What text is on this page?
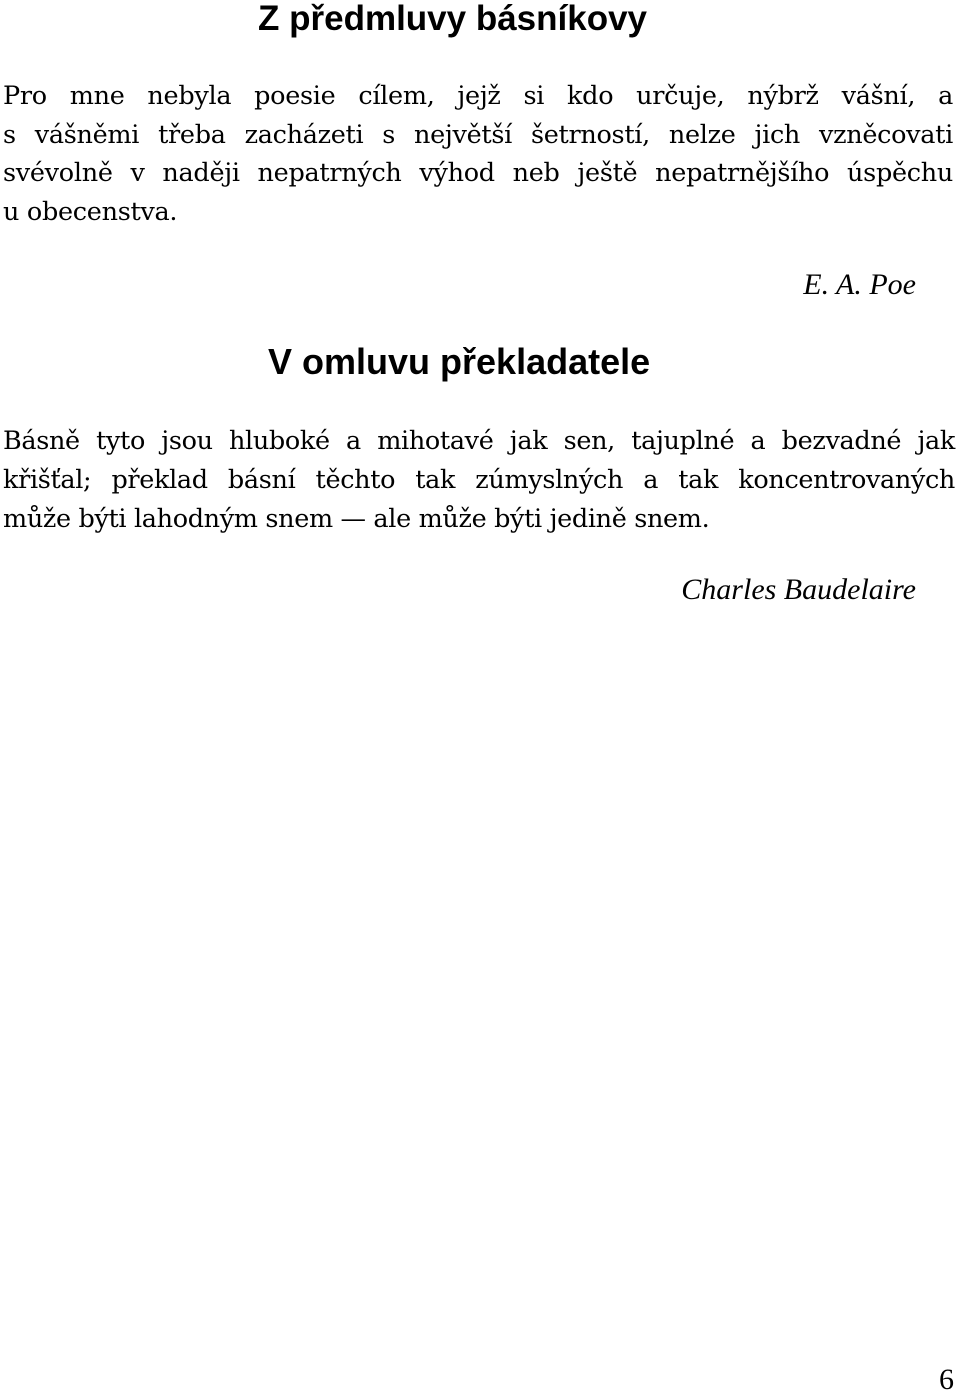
Z předmluvy básníkovy

Pro mne nebyla poesie cílem, jejž si kdo určuje, nýbrž vášní, a
s vášněmi třeba zacházeti s největší šetrností, nelze jich vzněcovati
svévolně v naději nepatrných výhod neb ještě nepatrnějšího úspěchu
u obecenstva.

E. A. Poe

V omluvu překladatele

Básně tyto jsou hluboké a mihotavé jak sen, tajuplné a bezvadné jak
křišťal; překlad básní těchto tak zúmyslných a tak koncentrovaných
může býti lahodným snem — ale může býti jedině snem.

Charles Baudelaire

6
